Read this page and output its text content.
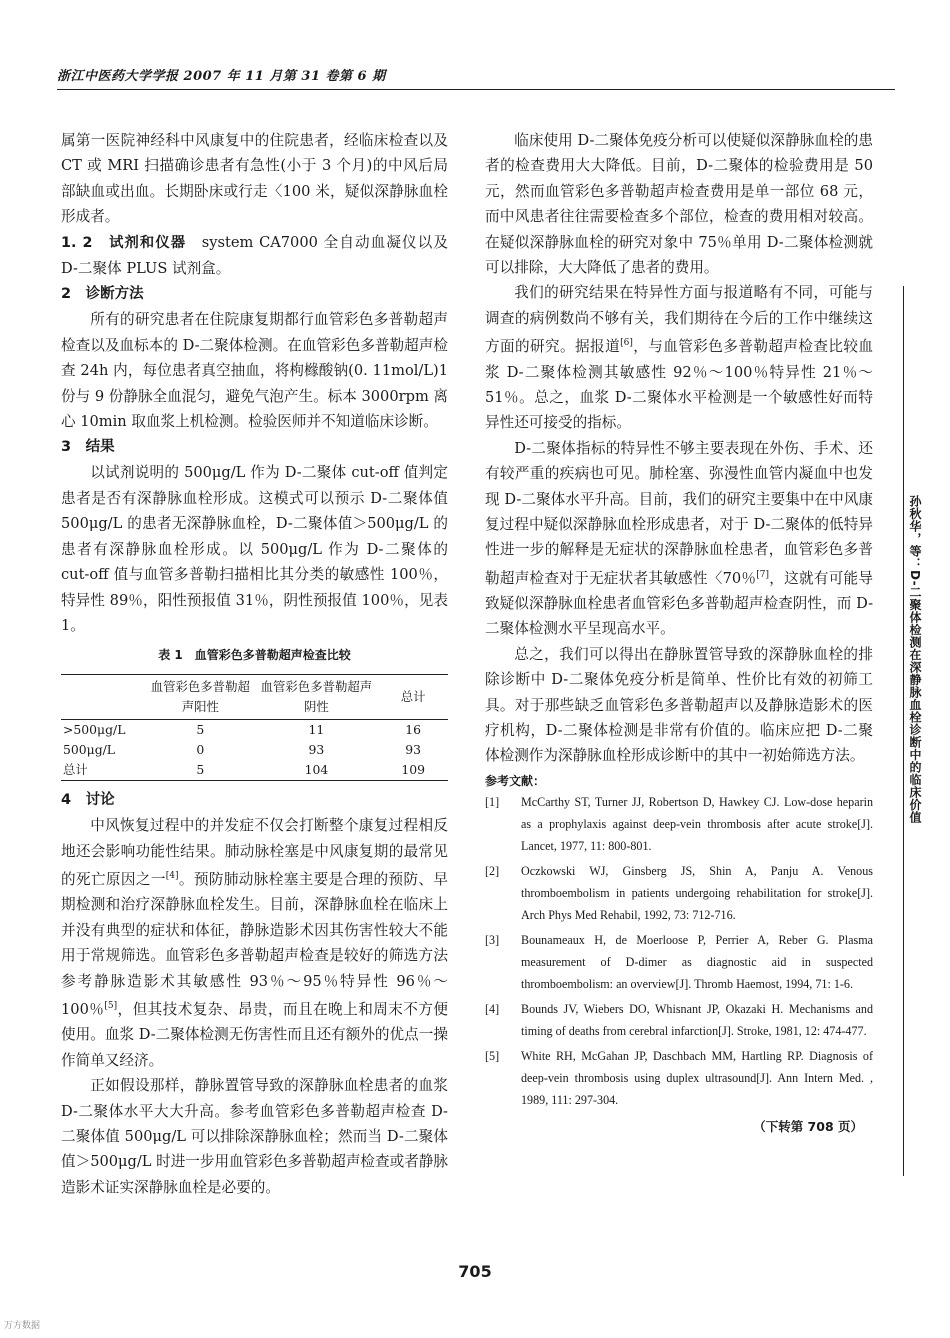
浙江中医药大学学报 2007 年 11 月第 31 卷第 6 期

属第一医院神经科中风康复中的住院患者，经临床检查以及 CT 或 MRI 扫描确诊患者有急性(小于 3 个月)的中风后局部缺血或出血。长期卧床或行走〈100 米，疑似深静脉血栓形成者。

1. 2　 试剂和仪器　 system CA7000 全自动血凝仪以及 D-二聚体 PLUS 试剂盒。

2　诊断方法

所有的研究患者在住院康复期都行血管彩色多普勒超声检查以及血标本的 D-二聚体检测。在血管彩色多普勒超声检查 24h 内，每位患者真空抽血，将枸橼酸钠(0. 11mol/L)1 份与 9 份静脉全血混匀，避免气泡产生。标本 3000rpm 离心 10min 取血浆上机检测。检验医师并不知道临床诊断。

3　结果

以试剂说明的 500μg/L 作为 D-二聚体 cut-off 值判定患者是否有深静脉血栓形成。这模式可以预示 D-二聚体值 500μg/L 的患者无深静脉血栓，D-二聚体值＞500μg/L 的患者有深静脉血栓形成。以 500μg/L 作为 D-二聚体的 cut-off 值与血管多普勒扫描相比其分类的敏感性 100％，特异性 89％，阳性预报值 31％，阴性预报值 100％，见表 1。

表 1　血管彩色多普勒超声检查比较
	血管彩色多普勒超声阳性	血管彩色多普勒超声阴性	总计
>500μg/L	5	11	16
500μg/L	0	93	93
总计	5	104	109

4　讨论

中风恢复过程中的并发症不仅会打断整个康复过程相反地还会影响功能性结果。肺动脉栓塞是中风康复期的最常见的死亡原因之一[4]。预防肺动脉栓塞主要是合理的预防、早期检测和治疗深静脉血栓发生。目前，深静脉血栓在临床上并没有典型的症状和体征，静脉造影术因其伤害性较大不能用于常规筛选。血管彩色多普勒超声检查是较好的筛选方法参考静脉造影术其敏感性 93％～95％特异性 96％～100％[5]，但其技术复杂、昂贵，而且在晚上和周末不方便使用。血浆 D-二聚体检测无伤害性而且还有额外的优点一操作简单又经济。

正如假设那样，静脉置管导致的深静脉血栓患者的血浆 D-二聚体水平大大升高。参考血管彩色多普勒超声检查 D-二聚体值 500μg/L 可以排除深静脉血栓；然而当 D-二聚体值＞500μg/L 时进一步用血管彩色多普勒超声检查或者静脉造影术证实深静脉血栓是必要的。

临床使用 D-二聚体免疫分析可以使疑似深静脉血栓的患者的检查费用大大降低。目前，D-二聚体的检验费用是 50 元，然而血管彩色多普勒超声检查费用是单一部位 68 元，而中风患者往往需要检查多个部位，检查的费用相对较高。在疑似深静脉血栓的研究对象中 75％单用 D-二聚体检测就可以排除，大大降低了患者的费用。

我们的研究结果在特异性方面与报道略有不同，可能与调查的病例数尚不够有关，我们期待在今后的工作中继续这方面的研究。据报道[6]，与血管彩色多普勒超声检查比较血浆 D-二聚体检测其敏感性 92％～100％特异性 21％～51％。总之，血浆 D-二聚体水平检测是一个敏感性好而特异性还可接受的指标。

D-二聚体指标的特异性不够主要表现在外伤、手术、还有较严重的疾病也可见。肺栓塞、弥漫性血管内凝血中也发现 D-二聚体水平升高。目前，我们的研究主要集中在中风康复过程中疑似深静脉血栓形成患者，对于 D-二聚体的低特异性进一步的解释是无症状的深静脉血栓患者，血管彩色多普勒超声检查对于无症状者其敏感性〈70％[7]，这就有可能导致疑似深静脉血栓患者血管彩色多普勒超声检查阴性，而 D-二聚体检测水平呈现高水平。

总之，我们可以得出在静脉置管导致的深静脉血栓的排除诊断中 D-二聚体免疫分析是简单、性价比有效的初筛工具。对于那些缺乏血管彩色多普勒超声以及静脉造影术的医疗机构，D-二聚体检测是非常有价值的。临床应把 D-二聚体检测作为深静脉血栓形成诊断中的其中一初始筛选方法。

参考文献：
[1]	McCarthy ST, Turner JJ, Robertson D, Hawkey CJ. Low-dose heparin as a prophylaxis against deep-vein thrombosis after acute stroke[J]. Lancet, 1977, 11: 800-801.
[2]	Oczkowski WJ, Ginsberg JS, Shin A, Panju A. Venous thromboembolism in patients undergoing rehabilitation for stroke[J]. Arch Phys Med Rehabil, 1992, 73: 712-716.
[3]	Bounameaux H, de Moerloose P, Perrier A, Reber G. Plasma measurement of D-dimer as diagnostic aid in suspected thromboembolism: an overview[J]. Thromb Haemost, 1994, 71: 1-6.
[4]	Bounds JV, Wiebers DO, Whisnant JP, Okazaki H. Mechanisms and timing of deaths from cerebral infarction[J]. Stroke, 1981, 12: 474-477.
[5]	White RH, McGahan JP, Daschbach MM, Hartling RP. Diagnosis of deep-vein thrombosis using duplex ultrasound[J]. Ann Intern Med. , 1989, 111: 297-304.
（下转第 708 页）
孙秋华，等：D-二聚体检测在深静脉血栓诊断中的临床价值
705
万方数据
